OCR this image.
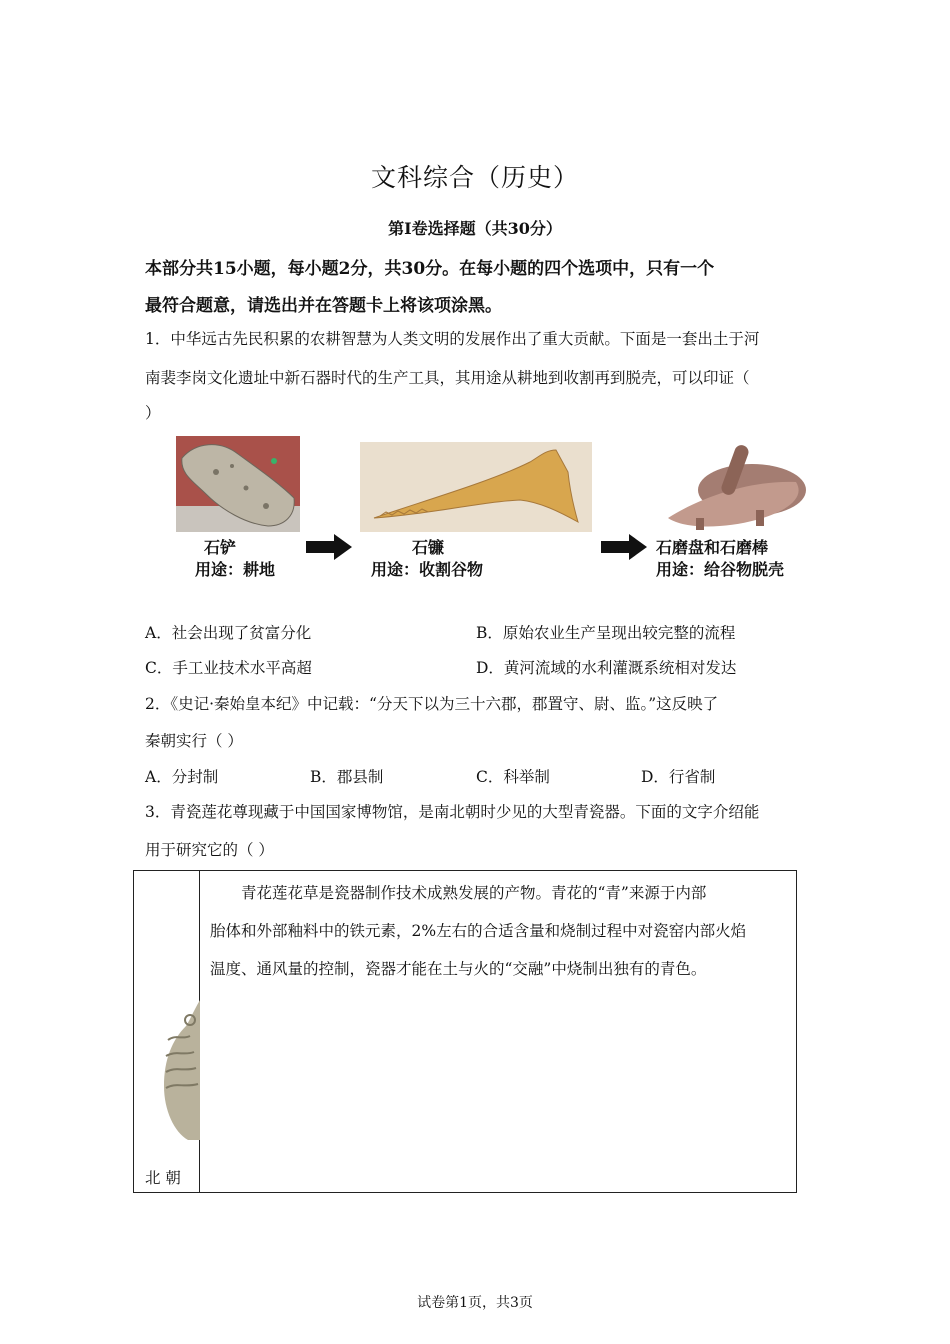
文科综合（历史）
第I卷选择题（共30分）
本部分共15小题，每小题2分，共30分。在每小题的四个选项中，只有一个
最符合题意，请选出并在答题卡上将该项涂黑。
1．中华远古先民积累的农耕智慧为人类文明的发展作出了重大贡献。下面是一套出土于河
南裴李岗文化遗址中新石器时代的生产工具，其用途从耕地到收割再到脱壳，可以印证（
）
石铲
用途：耕地
石镰
用途：收割谷物
石磨盘和石磨棒
用途：给谷物脱壳
A．社会出现了贫富分化	B．原始农业生产呈现出较完整的流程
C．手工业技术水平高超	D．黄河流域的水利灌溉系统相对发达
2．《史记·秦始皇本纪》中记载：“分天下以为三十六郡，郡置守、尉、监。”这反映了
秦朝实行（ ）
A．分封制	B．郡县制	C．科举制	D．行省制
3．青瓷莲花尊现藏于中国国家博物馆，是南北朝时少见的大型青瓷器。下面的文字介绍能
用于研究它的（ ）
北 朝
青花莲花草是瓷器制作技术成熟发展的产物。青花的“青”来源于内部
胎体和外部釉料中的铁元素，2%左右的合适含量和烧制过程中对瓷窑内部火焰
温度、通风量的控制，瓷器才能在土与火的“交融”中烧制出独有的青色。
试卷第1页，共3页
